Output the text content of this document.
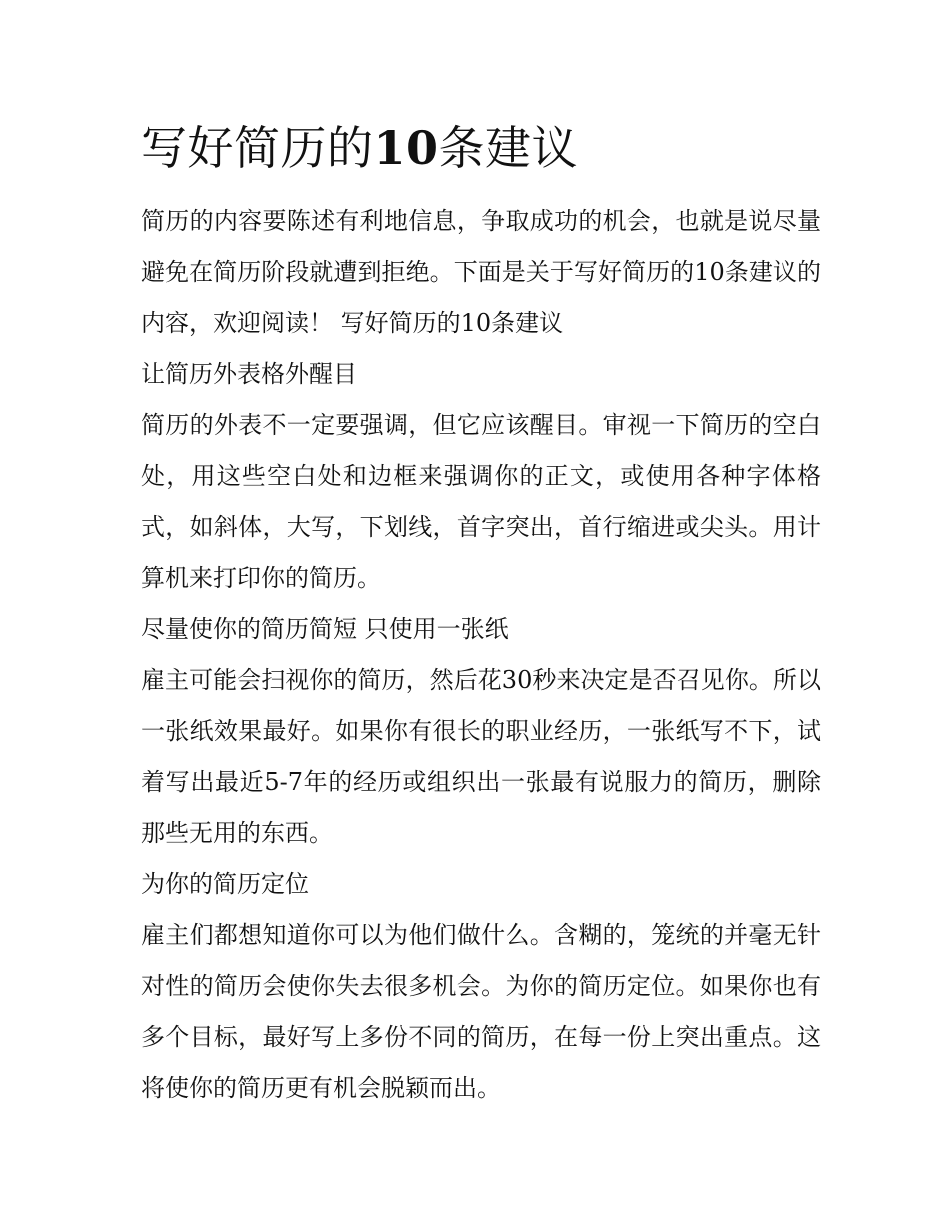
写好简历的10条建议

简历的内容要陈述有利地信息，争取成功的机会，也就是说尽量避免在简历阶段就遭到拒绝。下面是关于写好简历的10条建议的内容，欢迎阅读！ 写好简历的10条建议

让简历外表格外醒目

简历的外表不一定要强调，但它应该醒目。审视一下简历的空白处，用这些空白处和边框来强调你的正文，或使用各种字体格式，如斜体，大写，下划线，首字突出，首行缩进或尖头。用计算机来打印你的简历。

尽量使你的简历简短 只使用一张纸

雇主可能会扫视你的简历，然后花30秒来决定是否召见你。所以一张纸效果最好。如果你有很长的职业经历，一张纸写不下，试着写出最近5-7年的经历或组织出一张最有说服力的简历，删除那些无用的东西。

为你的简历定位

雇主们都想知道你可以为他们做什么。含糊的，笼统的并毫无针对性的简历会使你失去很多机会。为你的简历定位。如果你也有多个目标，最好写上多份不同的简历，在每一份上突出重点。这将使你的简历更有机会脱颖而出。
